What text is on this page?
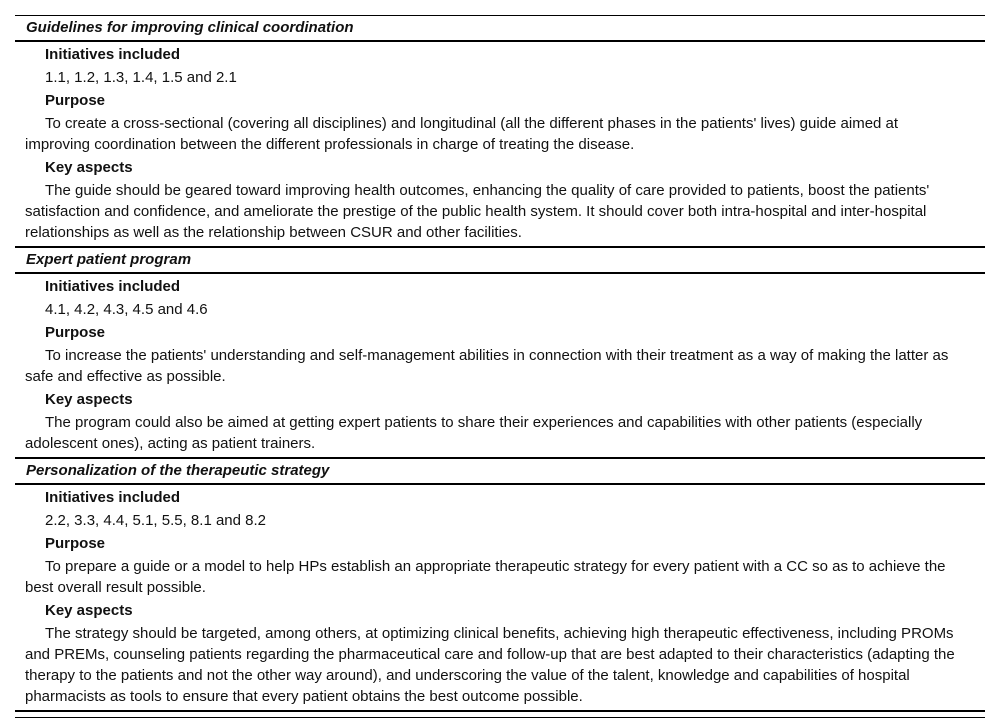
Guidelines for improving clinical coordination
Initiatives included
1.1, 1.2, 1.3, 1.4, 1.5 and 2.1
Purpose
To create a cross-sectional (covering all disciplines) and longitudinal (all the different phases in the patients' lives) guide aimed at improving coordination between the different professionals in charge of treating the disease.
Key aspects
The guide should be geared toward improving health outcomes, enhancing the quality of care provided to patients, boost the patients' satisfaction and confidence, and ameliorate the prestige of the public health system. It should cover both intra-hospital and inter-hospital relationships as well as the relationship between CSUR and other facilities.
Expert patient program
Initiatives included
4.1, 4.2, 4.3, 4.5 and 4.6
Purpose
To increase the patients' understanding and self-management abilities in connection with their treatment as a way of making the latter as safe and effective as possible.
Key aspects
The program could also be aimed at getting expert patients to share their experiences and capabilities with other patients (especially adolescent ones), acting as patient trainers.
Personalization of the therapeutic strategy
Initiatives included
2.2, 3.3, 4.4, 5.1, 5.5, 8.1 and 8.2
Purpose
To prepare a guide or a model to help HPs establish an appropriate therapeutic strategy for every patient with a CC so as to achieve the best overall result possible.
Key aspects
The strategy should be targeted, among others, at optimizing clinical benefits, achieving high therapeutic effectiveness, including PROMs and PREMs, counseling patients regarding the pharmaceutical care and follow-up that are best adapted to their characteristics (adapting the therapy to the patients and not the other way around), and underscoring the value of the talent, knowledge and capabilities of hospital pharmacists as tools to ensure that every patient obtains the best outcome possible.
